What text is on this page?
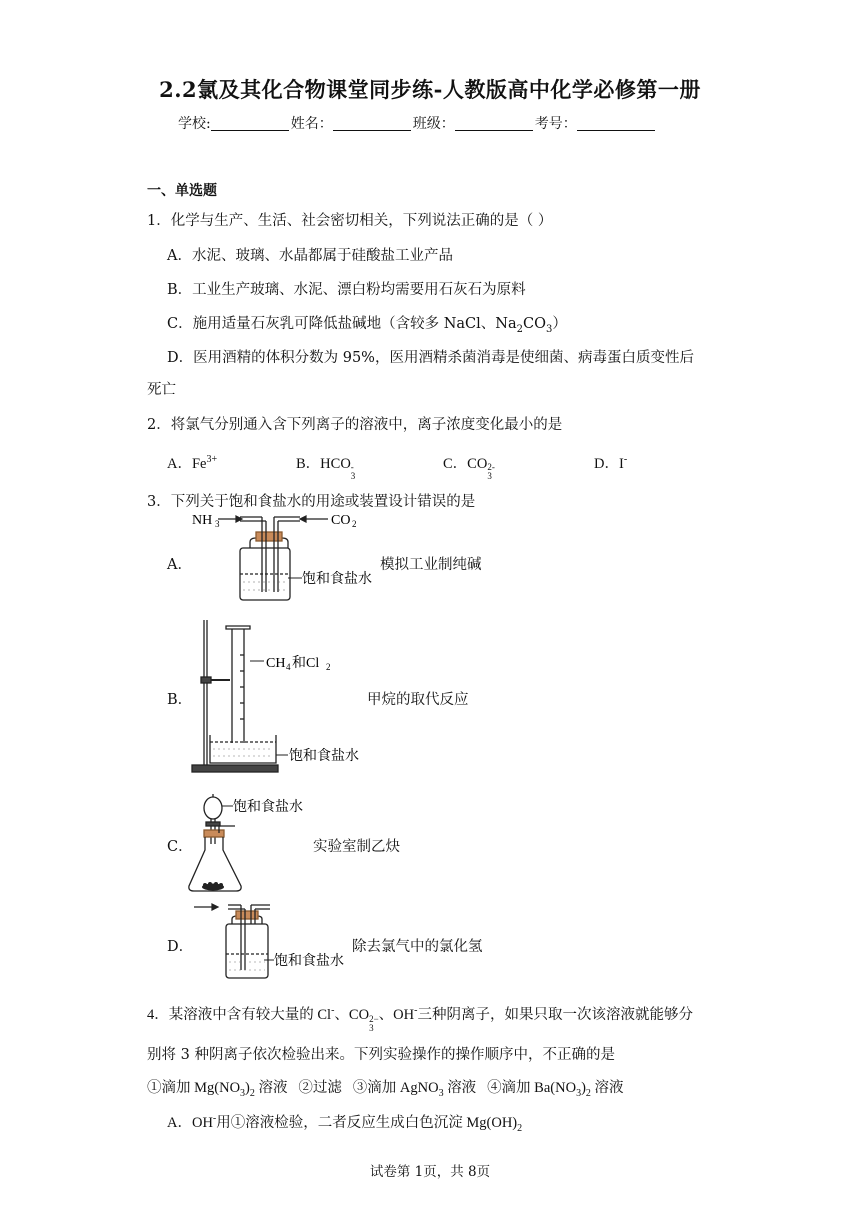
2.2氯及其化合物课堂同步练-人教版高中化学必修第一册
学校:	姓名：	班级：	考号：
一、单选题
1．化学与生产、生活、社会密切相关，下列说法正确的是（ ）
A．水泥、玻璃、水晶都属于硅酸盐工业产品
B．工业生产玻璃、水泥、漂白粉均需要用石灰石为原料
C．施用适量石灰乳可降低盐碱地（含较多 NaCl、$Na_2CO_3$）
D．医用酒精的体积分数为 95%，医用酒精杀菌消毒是使细菌、病毒蛋白质变性后
死亡
2．将氯气分别通入含下列离子的溶液中，离子浓度变化最小的是
A．$Fe^{3+}$	B．HCO -
3
C．CO 2-
3
D．I-
3．下列关于饱和食盐水的用途或装置设计错误的是
A．	模拟工业制纯碱
NH 3	CO 2
饱和食盐水
B．	甲烷的取代反应
CH 4 和Cl 2
饱和食盐水
C．	实验室制乙炔
饱和食盐水
D．	除去氯气中的氯化氢
饱和食盐水
4．某溶液中含有较大量的 Cl-、CO 2−
3
、OH-三种阴离子，如果只取一次该溶液就能够分
别将 3 种阴离子依次检验出来。下列实验操作的操作顺序中，不正确的是
①滴加 $Mg(NO_3)_2$ 溶液 ②过滤 ③滴加 AgNO$_3$ 溶液 ④滴加 $Ba(NO_3)_2$ 溶液
A．OH-用①溶液检验，二者反应生成白色沉淀 $Mg(OH)_2$
试卷第 1页，共 8页
